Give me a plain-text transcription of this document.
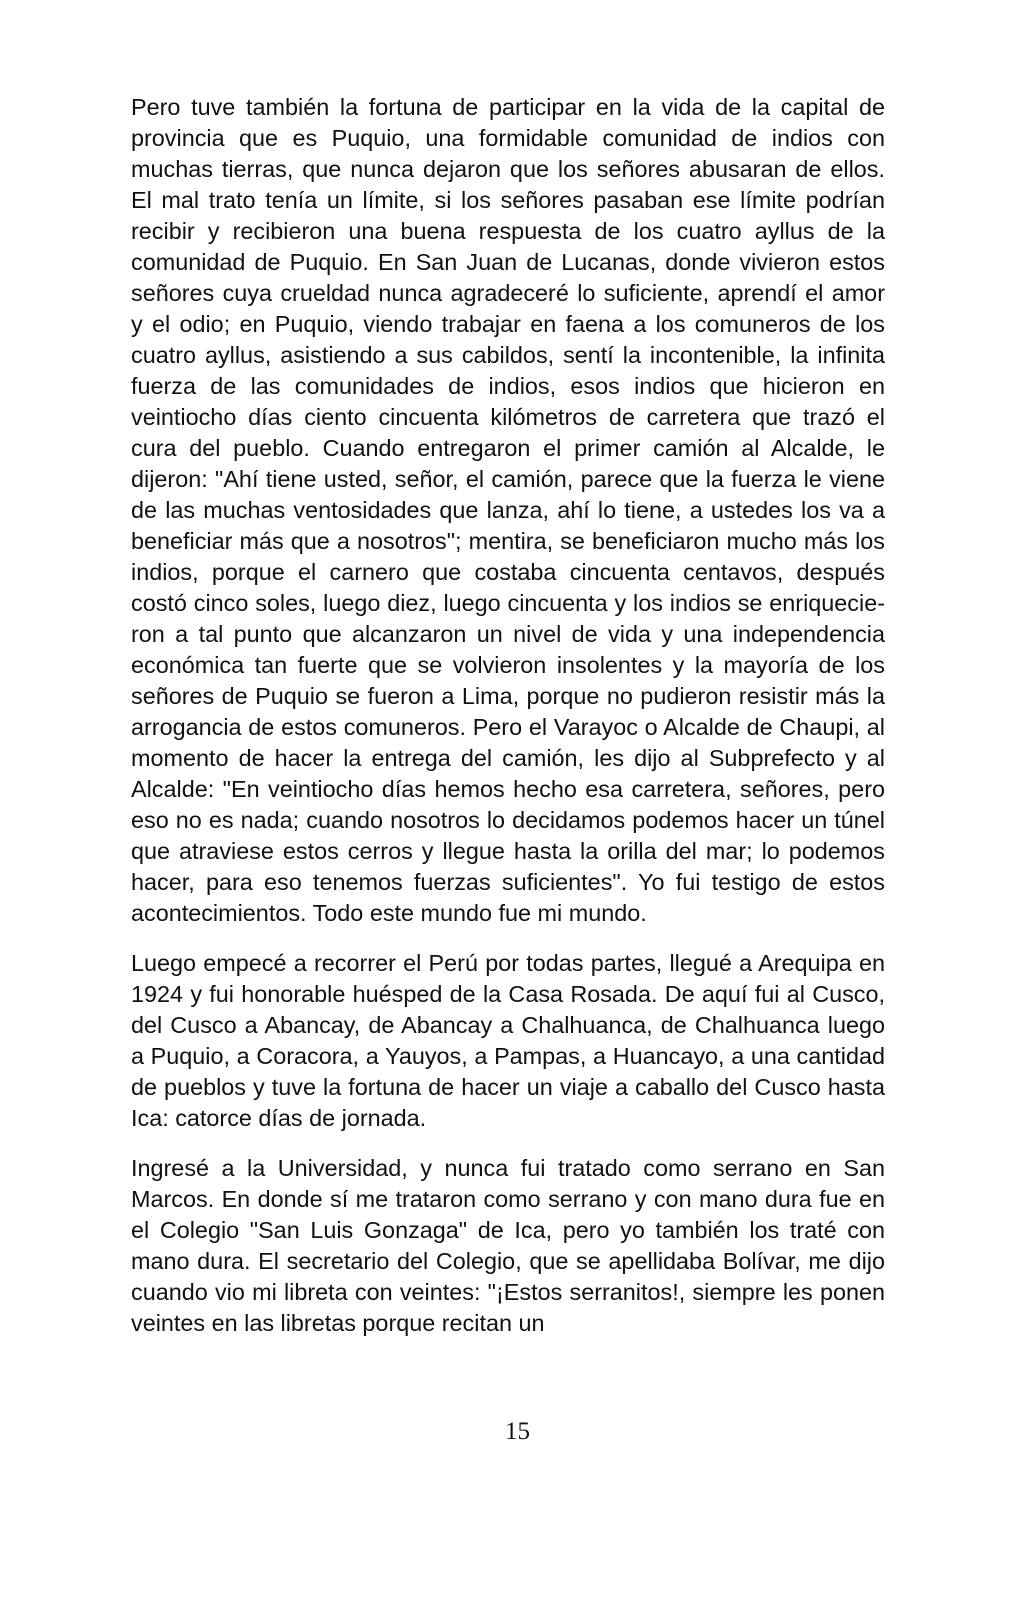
Pero tuve también la fortuna de participar en la vida de la capital de provincia que es Puquio, una formidable comunidad de indios con muchas tierras, que nunca dejaron que los señores abusaran de ellos. El mal trato tenía un límite, si los señores pasaban ese límite podrían recibir y recibieron una buena respuesta de los cuatro ayllus de la comunidad de Puquio. En San Juan de Lucanas, donde vivieron estos señores cuya crueldad nunca agradeceré lo suficiente, aprendí el amor y el odio; en Puquio, viendo trabajar en faena a los comuneros de los cuatro ayllus, asistiendo a sus cabildos, sentí la incontenible, la infinita fuerza de las comunidades de indios, esos indios que hicieron en veintiocho días ciento cincuenta kilómetros de carretera que trazó el cura del pueblo. Cuando entregaron el primer camión al Alcalde, le dijeron: "Ahí tiene usted, señor, el camión, parece que la fuerza le viene de las muchas ventosidades que lanza, ahí lo tiene, a ustedes los va a beneficiar más que a nosotros"; mentira, se beneficiaron mucho más los indios, porque el carnero que costaba cincuenta centavos, después costó cinco soles, luego diez, luego cincuenta y los indios se enriquecieron a tal punto que alcanzaron un nivel de vida y una independencia económica tan fuerte que se volvieron insolentes y la mayoría de los señores de Puquio se fueron a Lima, porque no pudieron resistir más la arrogancia de estos comuneros. Pero el Varayoc o Alcalde de Chaupi, al momento de hacer la entrega del camión, les dijo al Subprefecto y al Alcalde: "En veintiocho días hemos hecho esa carretera, señores, pero eso no es nada; cuando nosotros lo decidamos podemos hacer un túnel que atraviese estos cerros y llegue hasta la orilla del mar; lo podemos hacer, para eso tenemos fuerzas suficientes". Yo fui testigo de estos acontecimientos. Todo este mundo fue mi mundo.

Luego empecé a recorrer el Perú por todas partes, llegué a Arequipa en 1924 y fui honorable huésped de la Casa Rosada. De aquí fui al Cusco, del Cusco a Abancay, de Abancay a Chalhuanca, de Chalhuanca luego a Puquio, a Coracora, a Yauyos, a Pampas, a Huancayo, a una cantidad de pueblos y tuve la fortuna de hacer un viaje a caballo del Cusco hasta Ica: catorce días de jornada.

Ingresé a la Universidad, y nunca fui tratado como serrano en San Marcos. En donde sí me trataron como serrano y con mano dura fue en el Colegio "San Luis Gonzaga" de Ica, pero yo también los traté con mano dura. El secretario del Colegio, que se apellidaba Bolívar, me dijo cuando vio mi libreta con veintes: "¡Estos serranitos!, siempre les ponen veintes en las libretas porque recitan un

15
